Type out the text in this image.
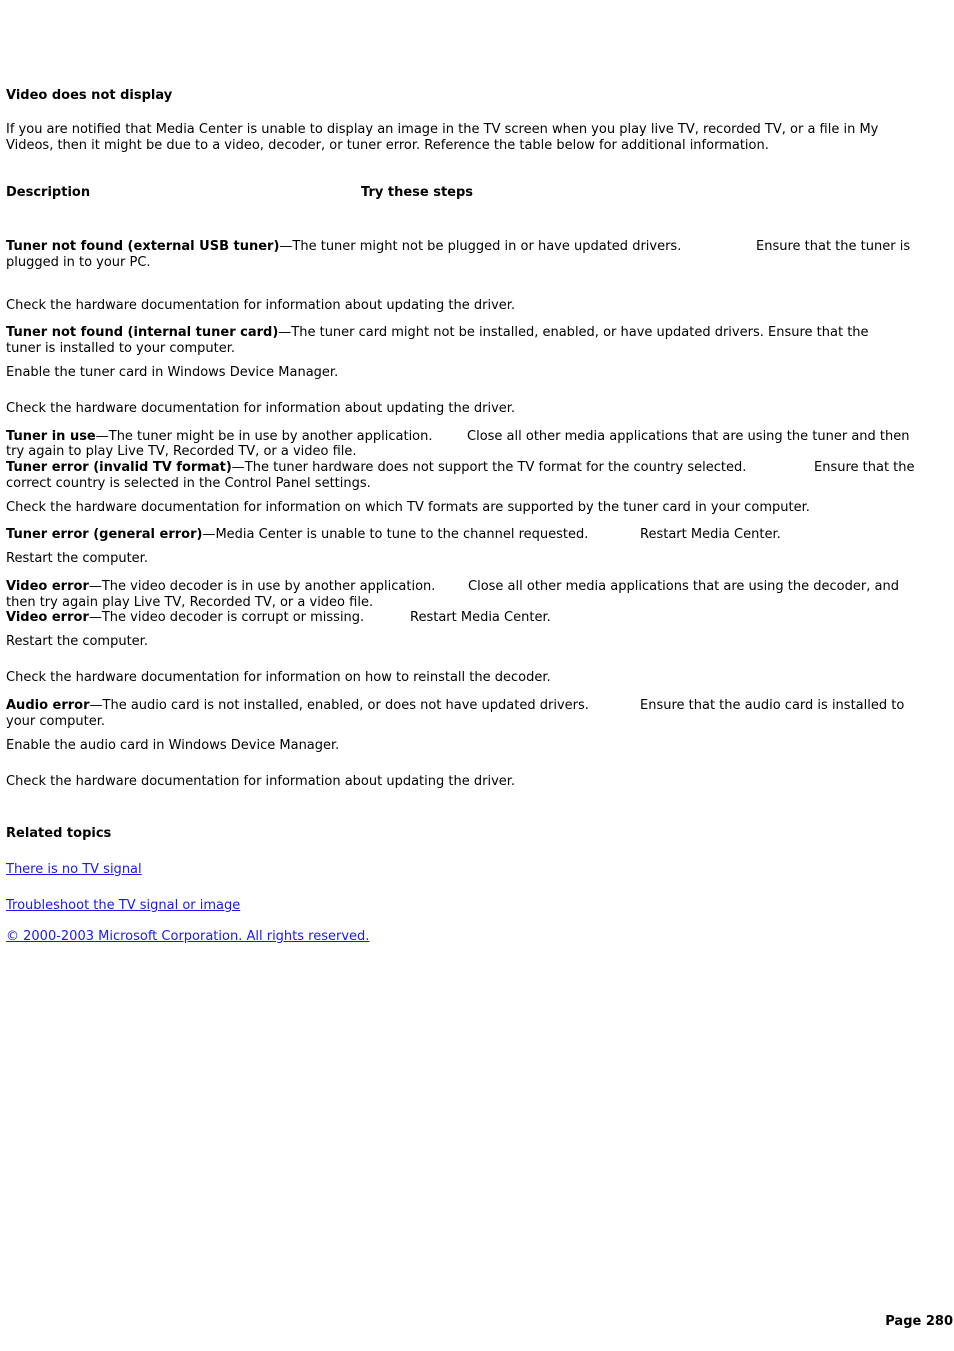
Video does not display
If you are notified that Media Center is unable to display an image in the TV screen when you play live TV, recorded TV, or a file in My
Videos, then it might be due to a video, decoder, or tuner error. Reference the table below for additional information.
Description	Try these steps
Tuner not found (external USB tuner)—The tuner might not be plugged in or have updated drivers.	Ensure that the tuner is
plugged in to your PC.
Check the hardware documentation for information about updating the driver.
Tuner not found (internal tuner card)—The tuner card might not be installed, enabled, or have updated drivers. Ensure that the
tuner is installed to your computer.
Enable the tuner card in Windows Device Manager.
Check the hardware documentation for information about updating the driver.
Tuner in use—The tuner might be in use by another application.	Close all other media applications that are using the tuner and then
try again to play Live TV, Recorded TV, or a video file.
Tuner error (invalid TV format)—The tuner hardware does not support the TV format for the country selected.	Ensure that the
correct country is selected in the Control Panel settings.
Check the hardware documentation for information on which TV formats are supported by the tuner card in your computer.
Tuner error (general error)—Media Center is unable to tune to the channel requested.	Restart Media Center.
Restart the computer.
Video error—The video decoder is in use by another application.	Close all other media applications that are using the decoder, and
then try again play Live TV, Recorded TV, or a video file.
Video error—The video decoder is corrupt or missing.	Restart Media Center.
Restart the computer.
Check the hardware documentation for information on how to reinstall the decoder.
Audio error—The audio card is not installed, enabled, or does not have updated drivers.	Ensure that the audio card is installed to
your computer.
Enable the audio card in Windows Device Manager.
Check the hardware documentation for information about updating the driver.
Related topics
There is no TV signal
Troubleshoot the TV signal or image
© 2000-2003 Microsoft Corporation. All rights reserved.
Page 280
